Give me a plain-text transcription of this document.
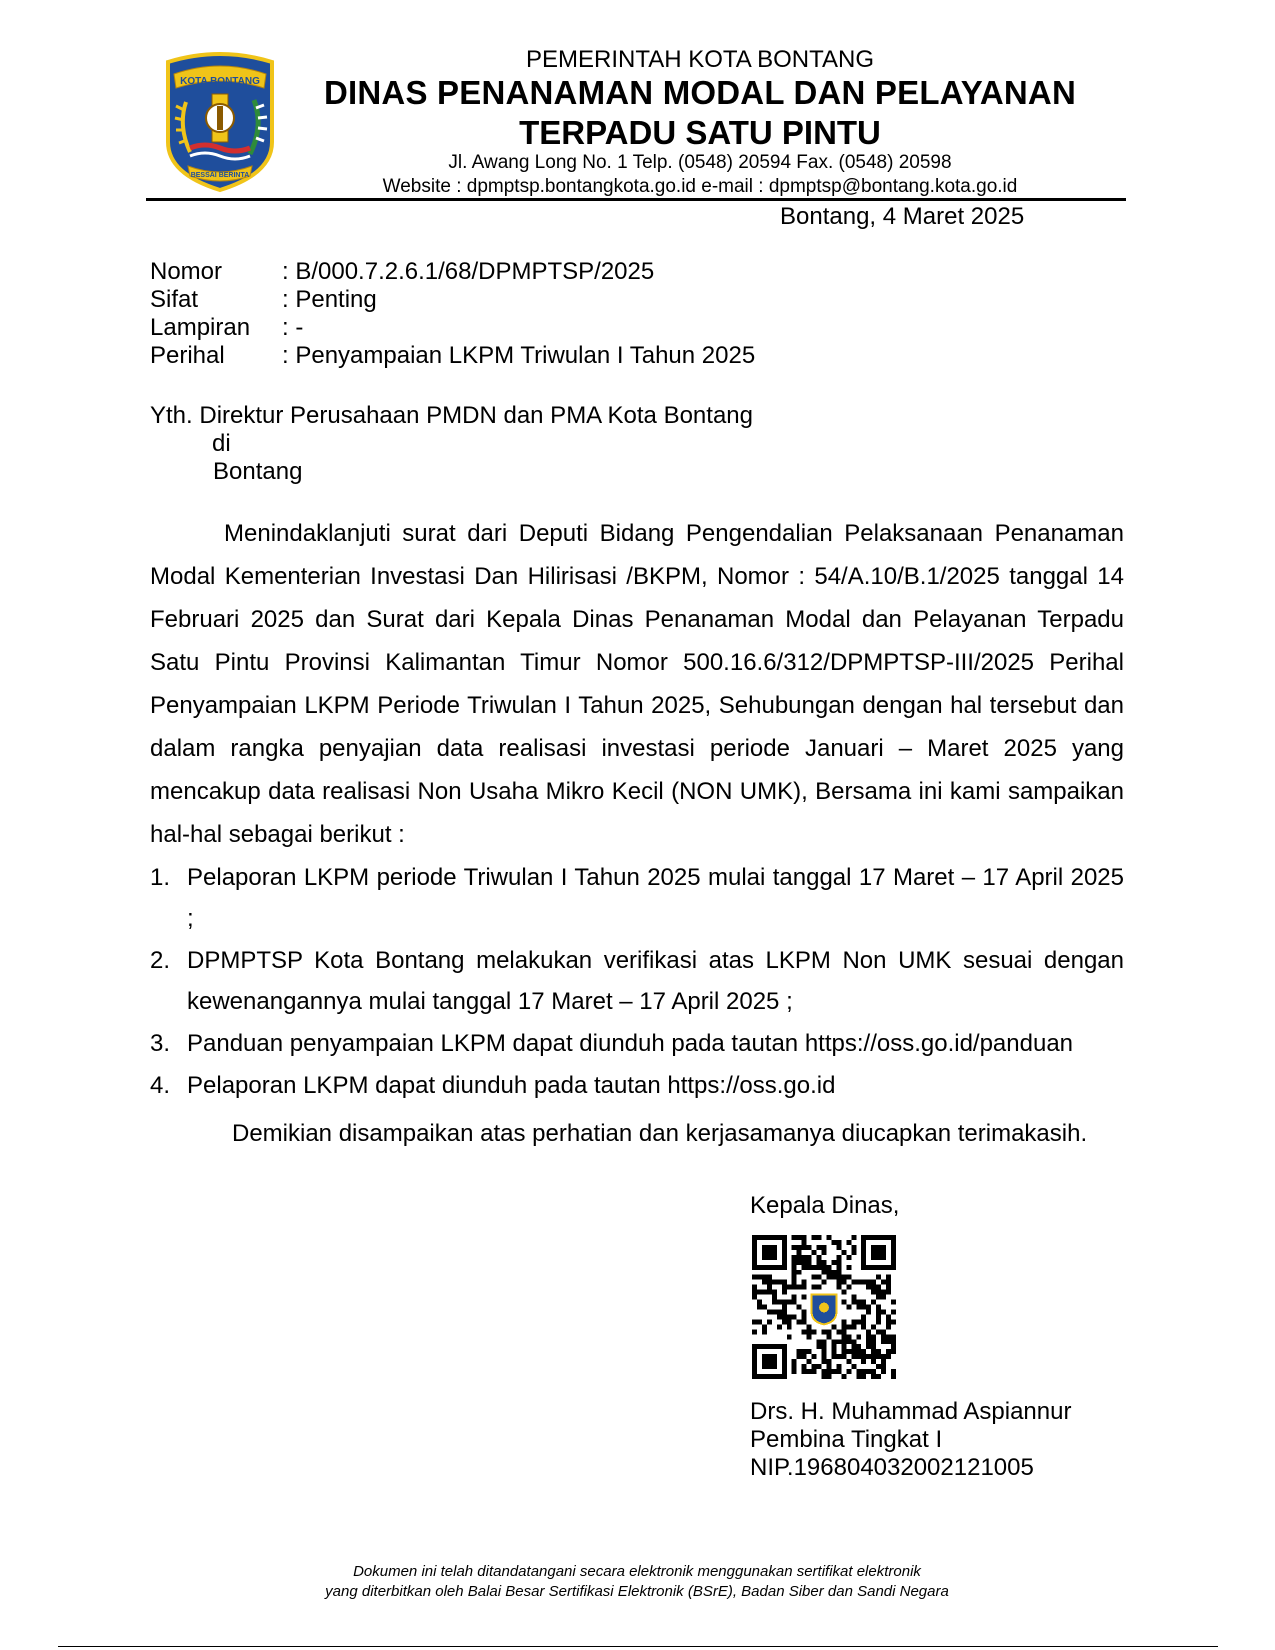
KOTA BONTANG
BESSAI BERINTA
PEMERINTAH KOTA BONTANG
DINAS PENANAMAN MODAL DAN PELAYANAN
TERPADU SATU PINTU
Jl. Awang Long No. 1 Telp. (0548) 20594 Fax. (0548) 20598
Website : dpmptsp.bontangkota.go.id e-mail : dpmptsp@bontang.kota.go.id
Bontang, 4 Maret 2025
Nomor : B/000.7.2.6.1/68/DPMPTSP/2025
Sifat	: Penting
Lampiran : -
Perihal : Penyampaian LKPM Triwulan I Tahun 2025
Yth. Direktur Perusahaan PMDN dan PMA Kota Bontang
di
Bontang

Menindaklanjuti surat dari Deputi Bidang Pengendalian Pelaksanaan Penanaman Modal Kementerian Investasi Dan Hilirisasi /BKPM, Nomor : 54/A.10/B.1/2025 tanggal 14 Februari 2025 dan Surat dari Kepala Dinas Penanaman Modal dan Pelayanan Terpadu Satu Pintu Provinsi Kalimantan Timur Nomor 500.16.6/312/DPMPTSP-III/2025 Perihal Penyampaian LKPM Periode Triwulan I Tahun 2025, Sehubungan dengan hal tersebut dan dalam rangka penyajian data realisasi investasi periode Januari – Maret 2025 yang mencakup data realisasi Non Usaha Mikro Kecil (NON UMK), Bersama ini kami sampaikan hal-hal sebagai berikut :

1. Pelaporan LKPM periode Triwulan I Tahun 2025 mulai tanggal 17 Maret – 17 April 2025 ;
2. DPMPTSP Kota Bontang melakukan verifikasi atas LKPM Non UMK sesuai dengan kewenangannya mulai tanggal 17 Maret – 17 April 2025 ;
3. Panduan penyampaian LKPM dapat diunduh pada tautan https://oss.go.id/panduan
4. Pelaporan LKPM dapat diunduh pada tautan https://oss.go.id
Demikian disampaikan atas perhatian dan kerjasamanya diucapkan terimakasih.
Kepala Dinas,
Drs. H. Muhammad Aspiannur
Pembina Tingkat I
NIP.196804032002121005
Dokumen ini telah ditandatangani secara elektronik menggunakan sertifikat elektronik
yang diterbitkan oleh Balai Besar Sertifikasi Elektronik (BSrE), Badan Siber dan Sandi Negara
